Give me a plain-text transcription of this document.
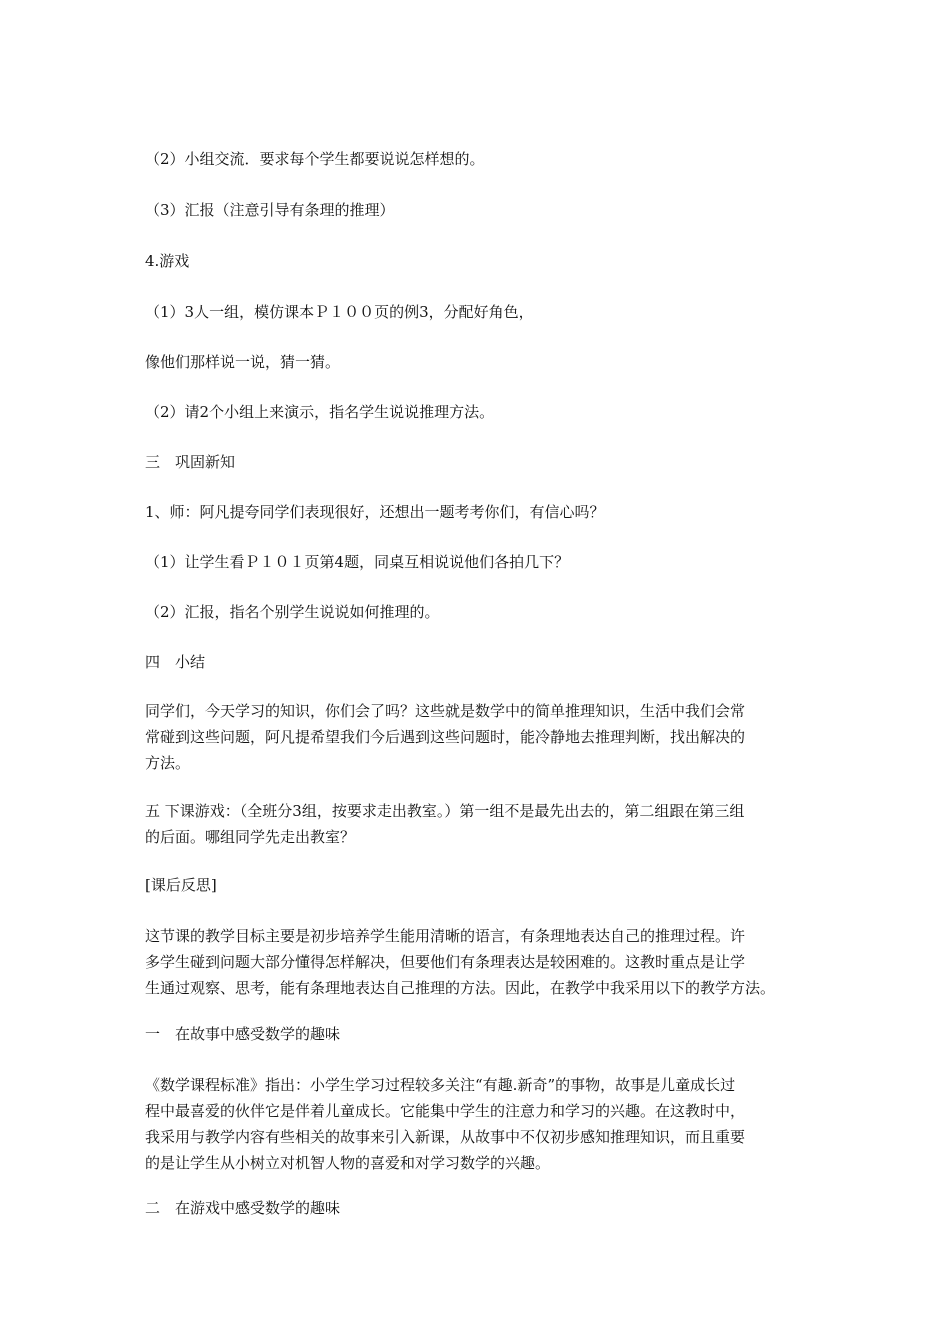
（2）小组交流．要求每个学生都要说说怎样想的。
（3）汇报（注意引导有条理的推理）
4.游戏
（1）3人一组，模仿课本Ｐ１００页的例3，分配好角色，
像他们那样说一说，猜一猜。
（2）请2个小组上来演示，指名学生说说推理方法。
三　巩固新知
1、师：阿凡提夸同学们表现很好，还想出一题考考你们，有信心吗？
（1）让学生看Ｐ１０１页第4题，同桌互相说说他们各拍几下？
（2）汇报，指名个别学生说说如何推理的。
四　小结
同学们，今天学习的知识，你们会了吗？这些就是数学中的简单推理知识，生活中我们会常
常碰到这些问题，阿凡提希望我们今后遇到这些问题时，能冷静地去推理判断，找出解决的
方法。
五 下课游戏：（全班分3组，按要求走出教室。）第一组不是最先出去的，第二组跟在第三组
的后面。哪组同学先走出教室？
[课后反思]
这节课的教学目标主要是初步培养学生能用清晰的语言，有条理地表达自己的推理过程。许
多学生碰到问题大部分懂得怎样解决，但要他们有条理表达是较困难的。这教时重点是让学
生通过观察、思考，能有条理地表达自己推理的方法。因此，在教学中我采用以下的教学方法。
一　在故事中感受数学的趣味
《数学课程标准》指出：小学生学习过程较多关注“有趣.新奇”的事物，故事是儿童成长过
程中最喜爱的伙伴它是伴着儿童成长。它能集中学生的注意力和学习的兴趣。在这教时中，
我采用与教学内容有些相关的故事来引入新课，从故事中不仅初步感知推理知识，而且重要
的是让学生从小树立对机智人物的喜爱和对学习数学的兴趣。
二　在游戏中感受数学的趣味
